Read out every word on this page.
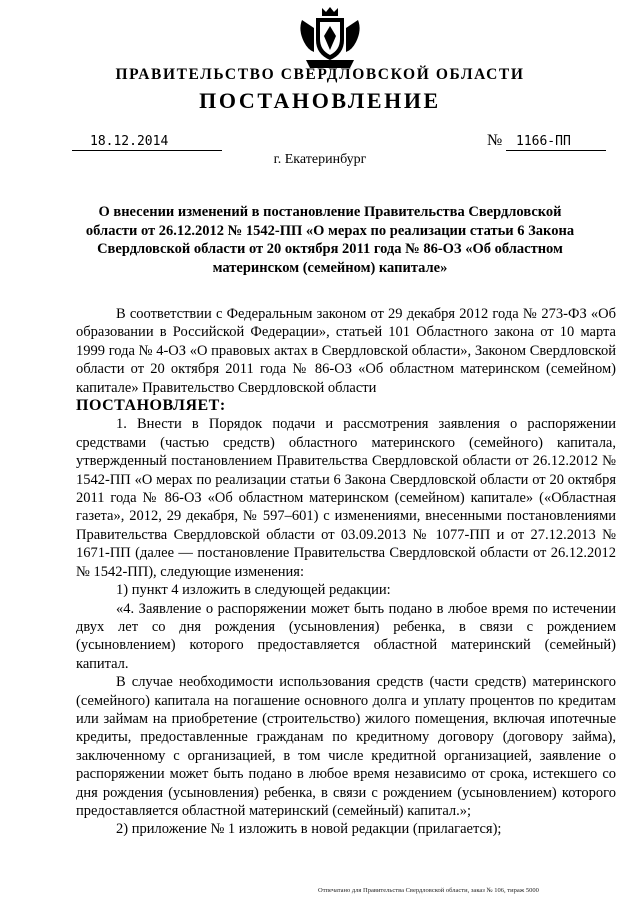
ПРАВИТЕЛЬСТВО СВЕРДЛОВСКОЙ ОБЛАСТИ
ПОСТАНОВЛЕНИЕ
18.12.2014	№	1166-ПП
г. Екатеринбург
О внесении изменений в постановление Правительства Свердловской области от 26.12.2012 № 1542-ПП «О мерах по реализации статьи 6 Закона Свердловской области от 20 октября 2011 года № 86-ОЗ «Об областном материнском (семейном) капитале»

В соответствии с Федеральным законом от 29 декабря 2012 года № 273-ФЗ «Об образовании в Российской Федерации», статьей 101 Областного закона от 10 марта 1999 года № 4-ОЗ «О правовых актах в Свердловской области», Законом Свердловской области от 20 октября 2011 года № 86-ОЗ «Об областном материнском (семейном) капитале» Правительство Свердловской области

ПОСТАНОВЛЯЕТ:

1. Внести в Порядок подачи и рассмотрения заявления о распоряжении средствами (частью средств) областного материнского (семейного) капитала, утвержденный постановлением Правительства Свердловской области от 26.12.2012 № 1542-ПП «О мерах по реализации статьи 6 Закона Свердловской области от 20 октября 2011 года № 86-ОЗ «Об областном материнском (семейном) капитале» («Областная газета», 2012, 29 декабря, № 597–601) с изменениями, внесенными постановлениями Правительства Свердловской области от 03.09.2013 № 1077-ПП и от 27.12.2013 № 1671-ПП (далее — постановление Правительства Свердловской области от 26.12.2012 № 1542-ПП), следующие изменения:

1) пункт 4 изложить в следующей редакции:

«4. Заявление о распоряжении может быть подано в любое время по истечении двух лет со дня рождения (усыновления) ребенка, в связи с рождением (усыновлением) которого предоставляется областной материнский (семейный) капитал.

В случае необходимости использования средств (части средств) материнского (семейного) капитала на погашение основного долга и уплату процентов по кредитам или займам на приобретение (строительство) жилого помещения, включая ипотечные кредиты, предоставленные гражданам по кредитному договору (договору займа), заключенному с организацией, в том числе кредитной организацией, заявление о распоряжении может быть подано в любое время независимо от срока, истекшего со дня рождения (усыновления) ребенка, в связи с рождением (усыновлением) которого предоставляется областной материнский (семейный) капитал.»;

2) приложение № 1 изложить в новой редакции (прилагается);

Отпечатано для Правительства Свердловской области, заказ № 106, тираж 5000
